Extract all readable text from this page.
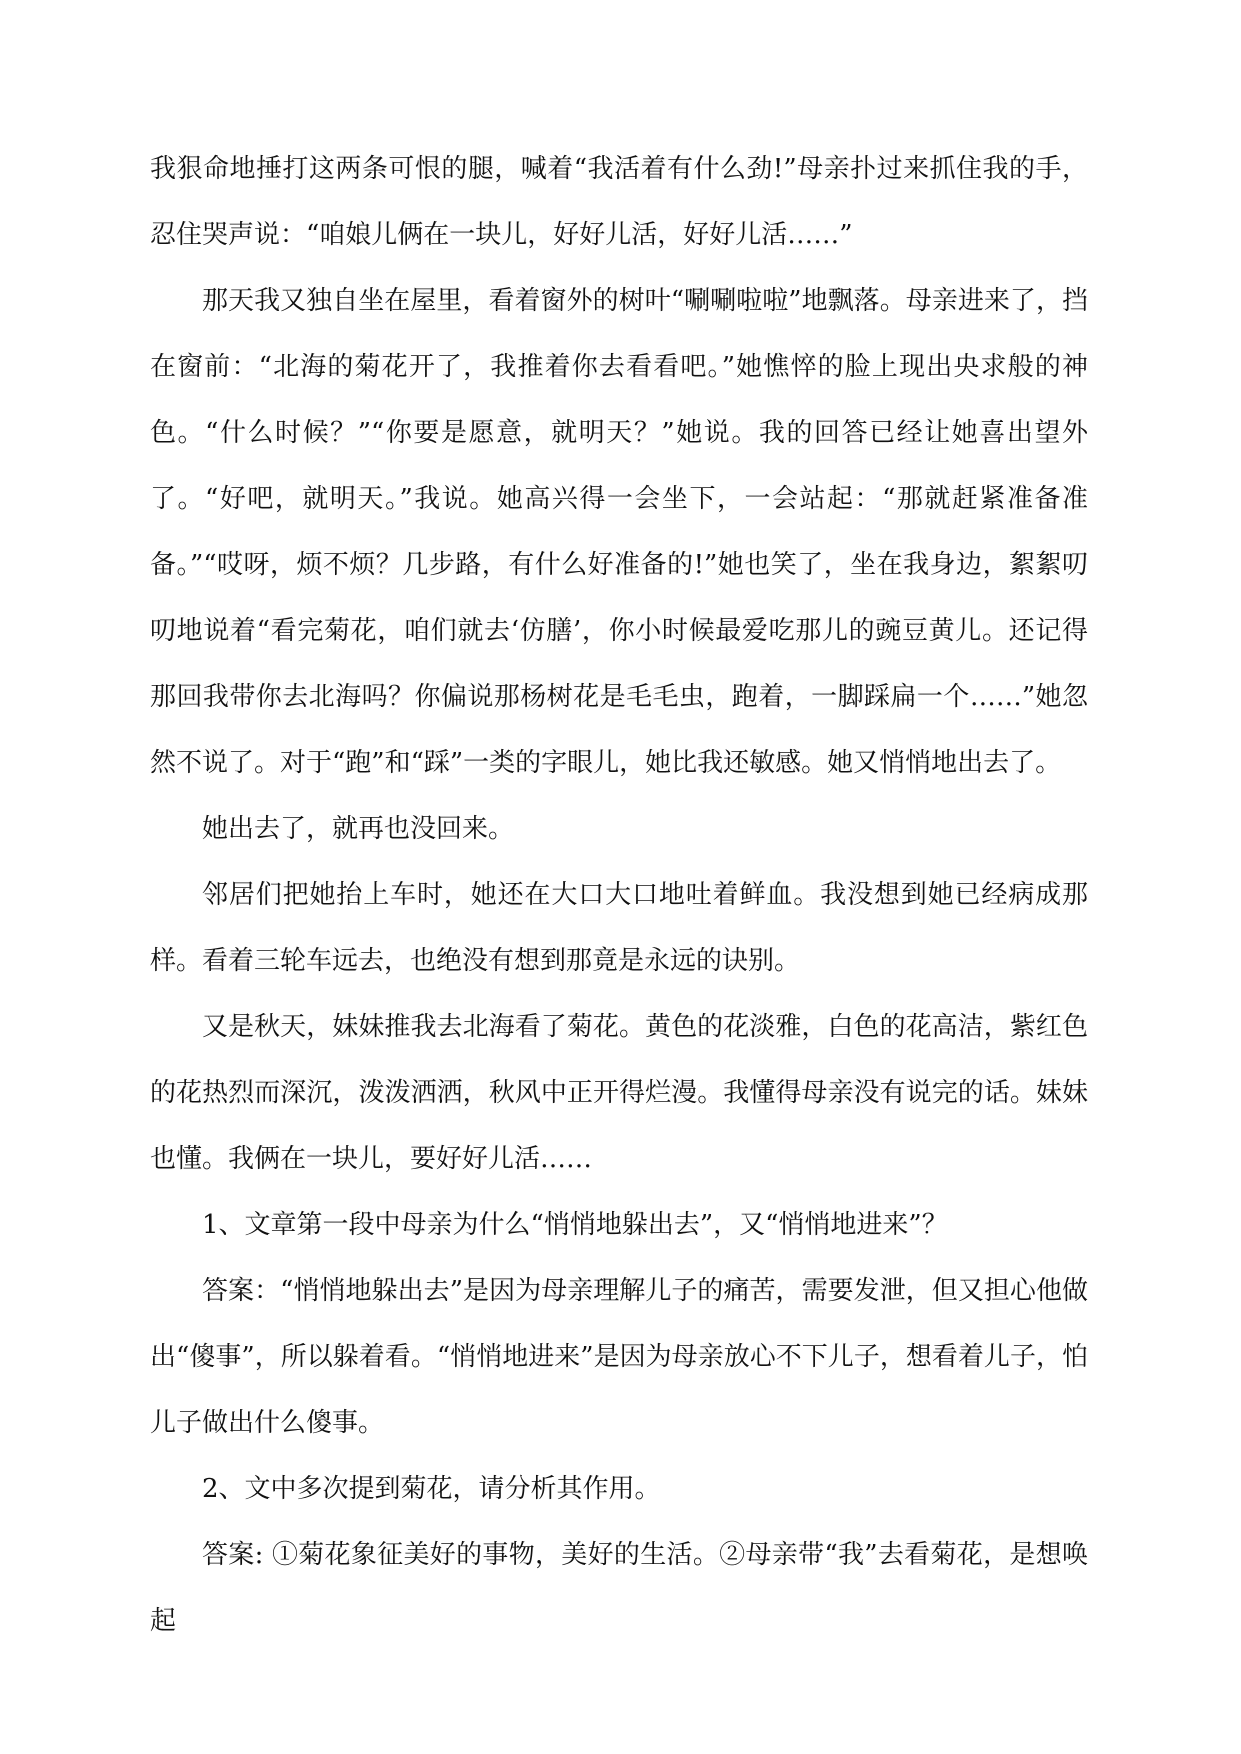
我狠命地捶打这两条可恨的腿，喊着“我活着有什么劲!”母亲扑过来抓住我的手，忍住哭声说：“咱娘儿俩在一块儿，好好儿活，好好儿活……”

那天我又独自坐在屋里，看着窗外的树叶“唰唰啦啦”地飘落。母亲进来了，挡在窗前：“北海的菊花开了，我推着你去看看吧。”她憔悴的脸上现出央求般的神色。“什么时候？”“你要是愿意，就明天？”她说。我的回答已经让她喜出望外了。“好吧，就明天。”我说。她高兴得一会坐下，一会站起：“那就赶紧准备准备。”“哎呀，烦不烦？几步路，有什么好准备的!”她也笑了，坐在我身边，絮絮叨叨地说着“看完菊花，咱们就去‘仿膳’，你小时候最爱吃那儿的豌豆黄儿。还记得那回我带你去北海吗？你偏说那杨树花是毛毛虫，跑着，一脚踩扁一个……”她忽然不说了。对于“跑”和“踩”一类的字眼儿，她比我还敏感。她又悄悄地出去了。

她出去了，就再也没回来。

邻居们把她抬上车时，她还在大口大口地吐着鲜血。我没想到她已经病成那样。看着三轮车远去，也绝没有想到那竟是永远的诀别。

又是秋天，妹妹推我去北海看了菊花。黄色的花淡雅，白色的花高洁，紫红色的花热烈而深沉，泼泼洒洒，秋风中正开得烂漫。我懂得母亲没有说完的话。妹妹也懂。我俩在一块儿，要好好儿活……

1、文章第一段中母亲为什么“悄悄地躲出去”，又“悄悄地进来”？

答案：“悄悄地躲出去”是因为母亲理解儿子的痛苦，需要发泄，但又担心他做出“傻事”，所以躲着看。“悄悄地进来”是因为母亲放心不下儿子，想看着儿子，怕儿子做出什么傻事。

2、文中多次提到菊花，请分析其作用。

答案: ①菊花象征美好的事物，美好的生活。②母亲带“我”去看菊花，是想唤起
